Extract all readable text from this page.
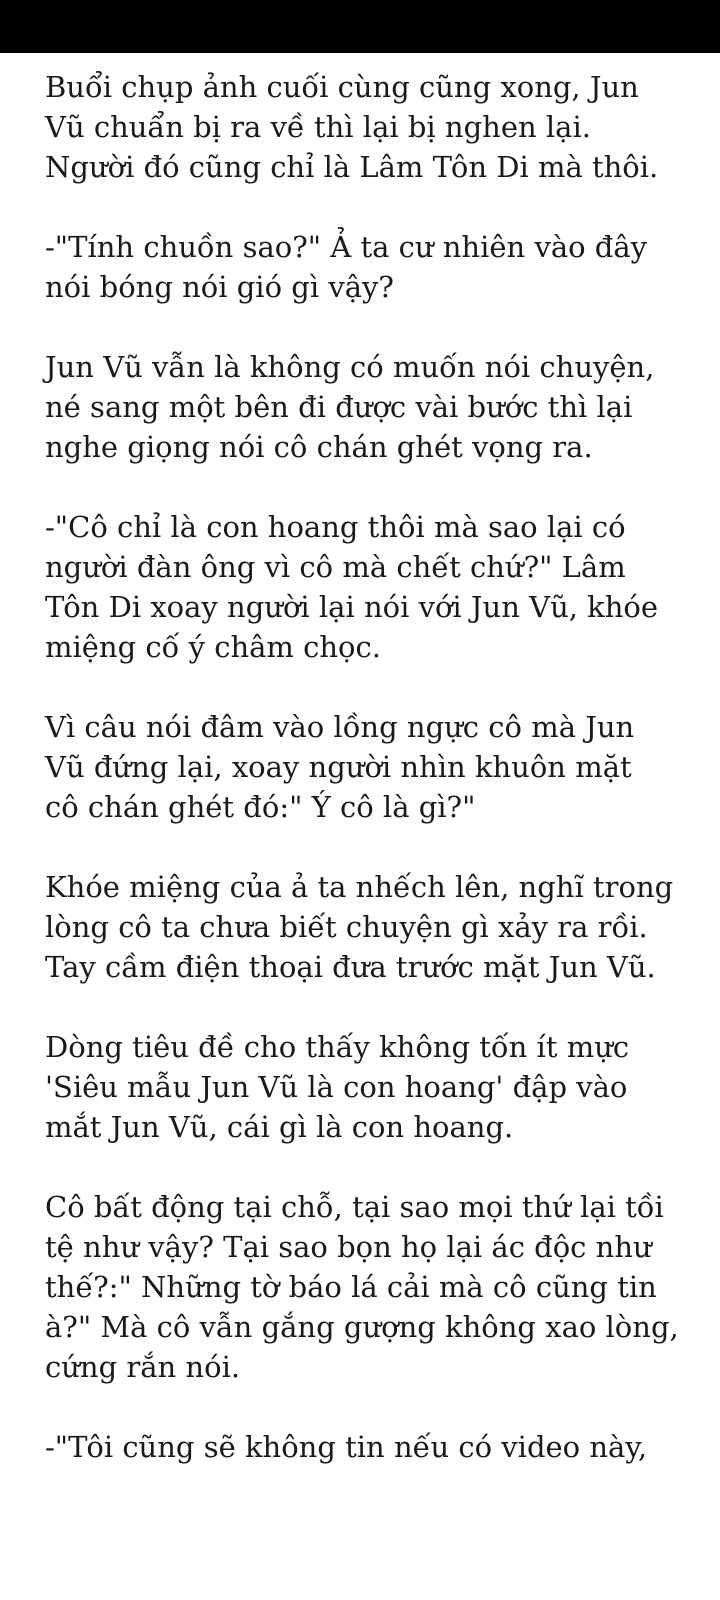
Buổi chụp ảnh cuối cùng cũng xong, Jun
Vũ chuẩn bị ra về thì lại bị nghen lại.
Người đó cũng chỉ là Lâm Tôn Di mà thôi.

-"Tính chuồn sao?" Ả ta cư nhiên vào đây
nói bóng nói gió gì vậy?

Jun Vũ vẫn là không có muốn nói chuyện,
né sang một bên đi được vài bước thì lại
nghe giọng nói cô chán ghét vọng ra.

-"Cô chỉ là con hoang thôi mà sao lại có
người đàn ông vì cô mà chết chứ?" Lâm
Tôn Di xoay người lại nói với Jun Vũ, khóe
miệng cố ý châm chọc.

Vì câu nói đâm vào lồng ngực cô mà Jun
Vũ đứng lại, xoay người nhìn khuôn mặt
cô chán ghét đó:" Ý cô là gì?"

Khóe miệng của ả ta nhếch lên, nghĩ trong
lòng cô ta chưa biết chuyện gì xảy ra rồi.
Tay cầm điện thoại đưa trước mặt Jun Vũ.

Dòng tiêu đề cho thấy không tốn ít mực
'Siêu mẫu Jun Vũ là con hoang' đập vào
mắt Jun Vũ, cái gì là con hoang.

Cô bất động tại chỗ, tại sao mọi thứ lại tồi
tệ như vậy? Tại sao bọn họ lại ác độc như
thế?:" Những tờ báo lá cải mà cô cũng tin
à?" Mà cô vẫn gắng gượng không xao lòng,
cứng rắn nói.

-"Tôi cũng sẽ không tin nếu có video này,
